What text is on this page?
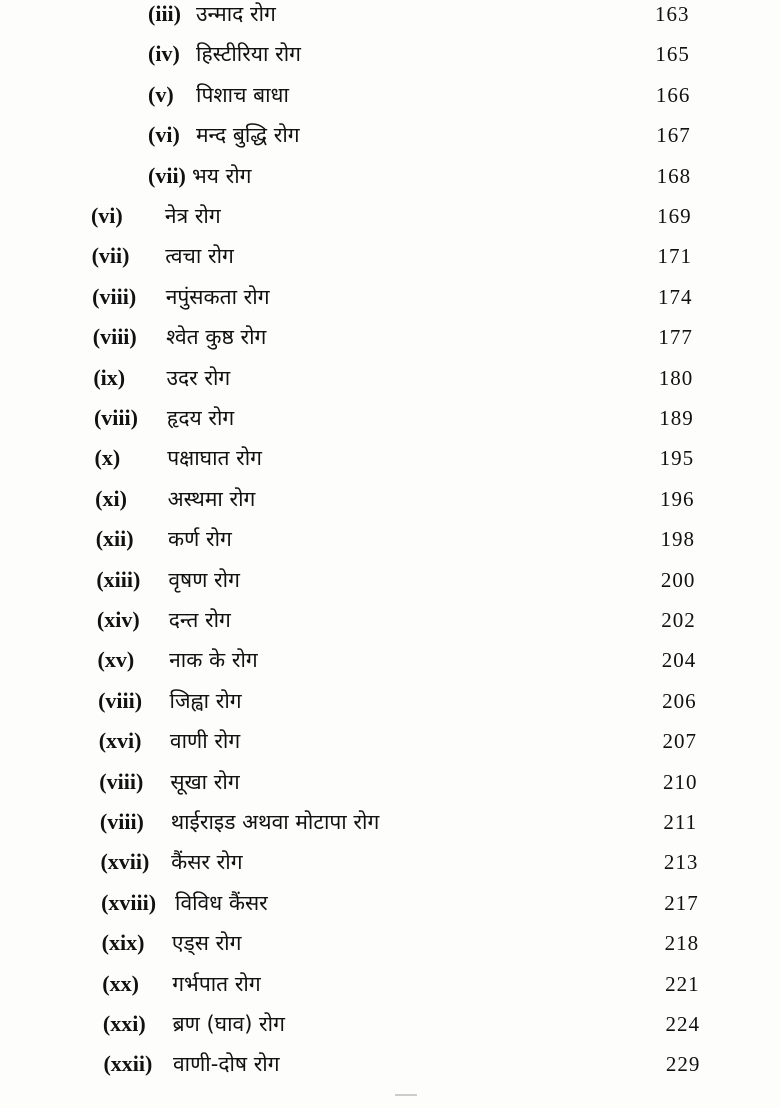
(iii) उन्माद रोग	163
(iv) हिस्टीरिया रोग	165
(v) पिशाच बाधा	166
(vi) मन्द बुद्धि रोग	167
(vii) भय रोग	168
(vi) नेत्र रोग	169
(vii) त्वचा रोग	171
(viii) नपुंसकता रोग	174
(viii) श्वेत कुष्ठ रोग	177
(ix) उदर रोग	180
(viii) हृदय रोग	189
(x) पक्षाघात रोग	195
(xi) अस्थमा रोग	196
(xii) कर्ण रोग	198
(xiii) वृषण रोग	200
(xiv) दन्त रोग	202
(xv) नाक के रोग	204
(viii) जिह्वा रोग	206
(xvi) वाणी रोग	207
(viii) सूखा रोग	210
(viii) थाईराइड अथवा मोटापा रोग	211
(xvii) कैंसर रोग	213
(xviii) विविध कैंसर	217
(xix) एड्स रोग	218
(xx) गर्भपात रोग	221
(xxi) ब्रण (घाव) रोग	224
(xxii) वाणी-दोष रोग	229
